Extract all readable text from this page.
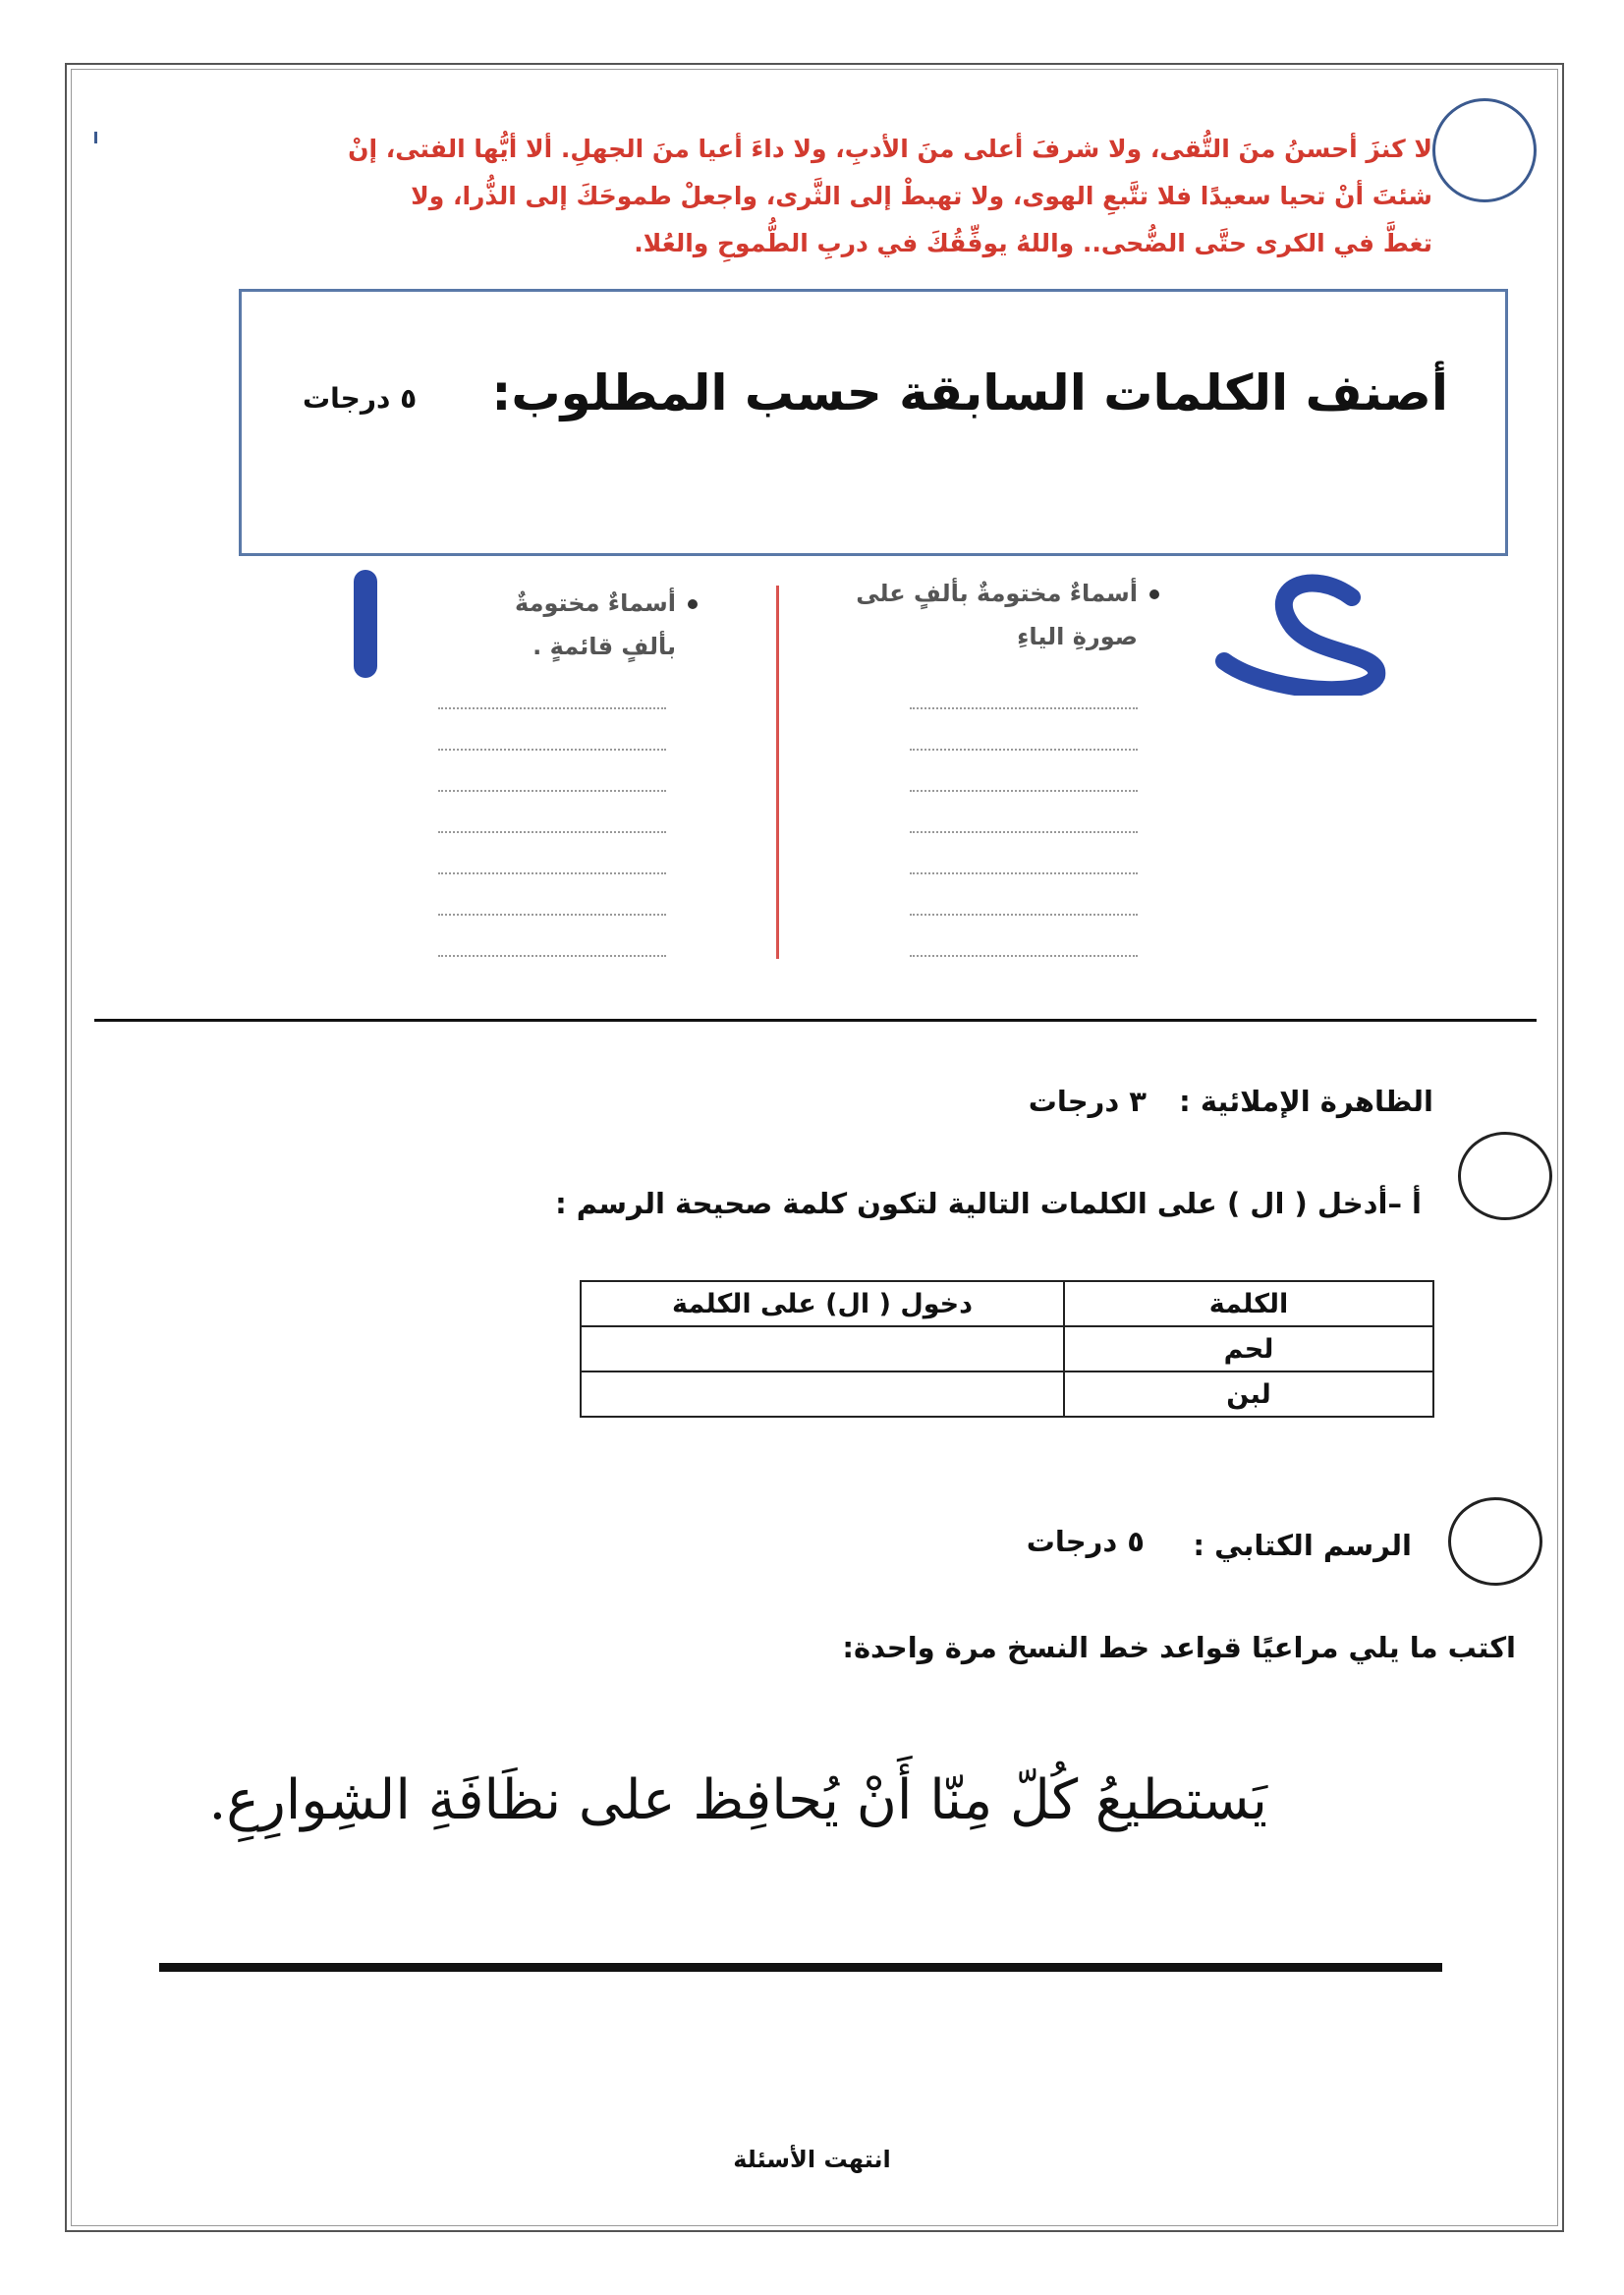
لا كنزَ أحسنُ منَ التُّقى، ولا شرفَ أعلى منَ الأدبِ، ولا داءَ أعيا منَ الجهلِ. ألا أيُّها الفتى، إنْ
شئتَ أنْ تحيا سعيدًا فلا تتَّبعِ الهوى، ولا تهبطْ إلى الثَّرى، واجعلْ طموحَكَ إلى الذُّرا، ولا
تغطَّ في الكرى حتَّى الضُّحى.. واللهُ يوفِّقُكَ في دربِ الطُّموحِ والعُلا.
أصنف الكلمات السابقة حسب المطلوب:
٥ درجات
أسماءٌ مختومةٌ بألفٍ على
صورةِ الياءِ
أسماءٌ مختومةٌ
بألفٍ قائمةٍ .
الظاهرة الإملائية :
٣ درجات
أ –أدخل ( ال ) على الكلمات التالية لتكون كلمة صحيحة الرسم :
الكلمة	دخول ( ال) على الكلمة
لحم	
لبن	
الرسم الكتابي :
٥ درجات
اكتب ما يلي مراعيًا قواعد خط النسخ مرة واحدة:
يَستطيعُ كُلّ مِنّا أَنْ يُحافِظ على نظَافَةِ الشِوارِعِ.
انتهت الأسئلة
